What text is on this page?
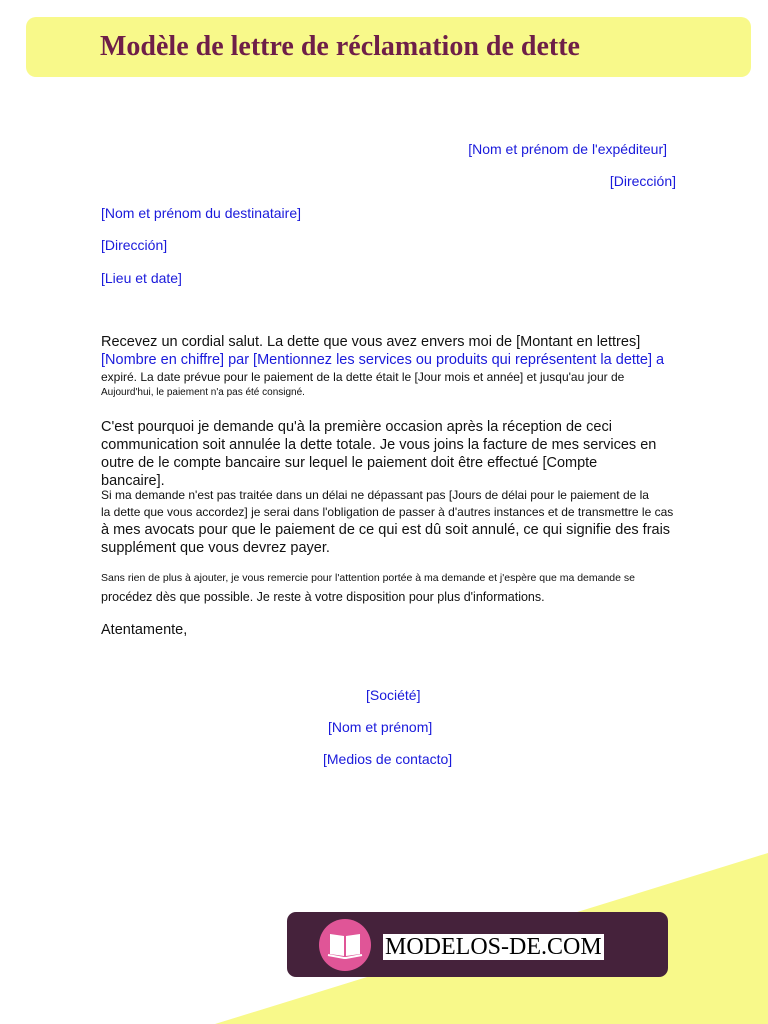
Modèle de lettre de réclamation de dette
[Nom et prénom de l'expéditeur]
[Dirección]
[Nom et prénom du destinataire]
[Dirección]
[Lieu et date]
Recevez un cordial salut. La dette que vous avez envers moi de [Montant en lettres]
[Nombre en chiffre] par [Mentionnez les services ou produits qui représentent la dette] a
expiré. La date prévue pour le paiement de la dette était le [Jour mois et année] et jusqu'au jour de
Aujourd'hui, le paiement n'a pas été consigné.
C'est pourquoi je demande qu'à la première occasion après la réception de ceci communication soit annulée la dette totale. Je vous joins la facture de mes services en outre de le compte bancaire sur lequel le paiement doit être effectué [Compte bancaire].
Si ma demande n'est pas traitée dans un délai ne dépassant pas [Jours de délai pour le paiement de la
la dette que vous accordez] je serai dans l'obligation de passer à d'autres instances et de transmettre le cas
à mes avocats pour que le paiement de ce qui est dû soit annulé, ce qui signifie des frais
supplément que vous devrez payer.
Sans rien de plus à ajouter, je vous remercie pour l'attention portée à ma demande et j'espère que ma demande se
procédez dès que possible. Je reste à votre disposition pour plus d'informations.
Atentamente,
[Société]
[Nom et prénom]
[Medios de contacto]
MODELOS-DE.COM
